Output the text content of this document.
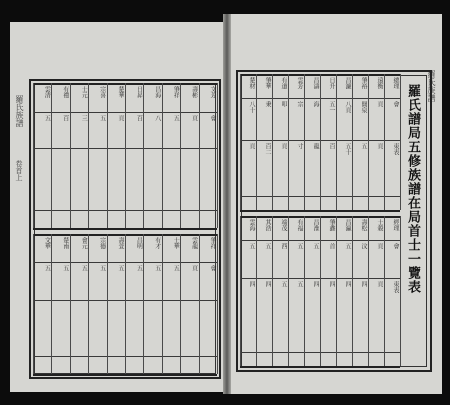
羅氏族譜
卷首上
文芳
壽彬
肇祥
昌海
日昇
楚華
宗喜
士元
有禮
雲清
會
頁
五
八
百
頁
五
三
百
五
肇祥
雲龍
士華
有才
昌明
壽萱
宗德
會元
楚南
文華
會
頁
五
五
五
五
五
五
五
五
羅氏族譜
總理
遠衡
肇裕
昌濂
日升
昌濤
雲芳
有道
肇華
楚材
會
頁
開泉
八頁
五一
海
宗
叩
秉
八十
東表
頁
五
五十
百
龍
寸
頁
百二
頁
經理
士穀
壽松
昌瀛
肇鑫
昌淮
有福
端茂
其浩
雲海
會
頁
汶
五
首
五
五
西
五
五
東表
頁
四
四
四
四
五
五
四
四	羅氏譜局五修族譜在局首士一覽表
